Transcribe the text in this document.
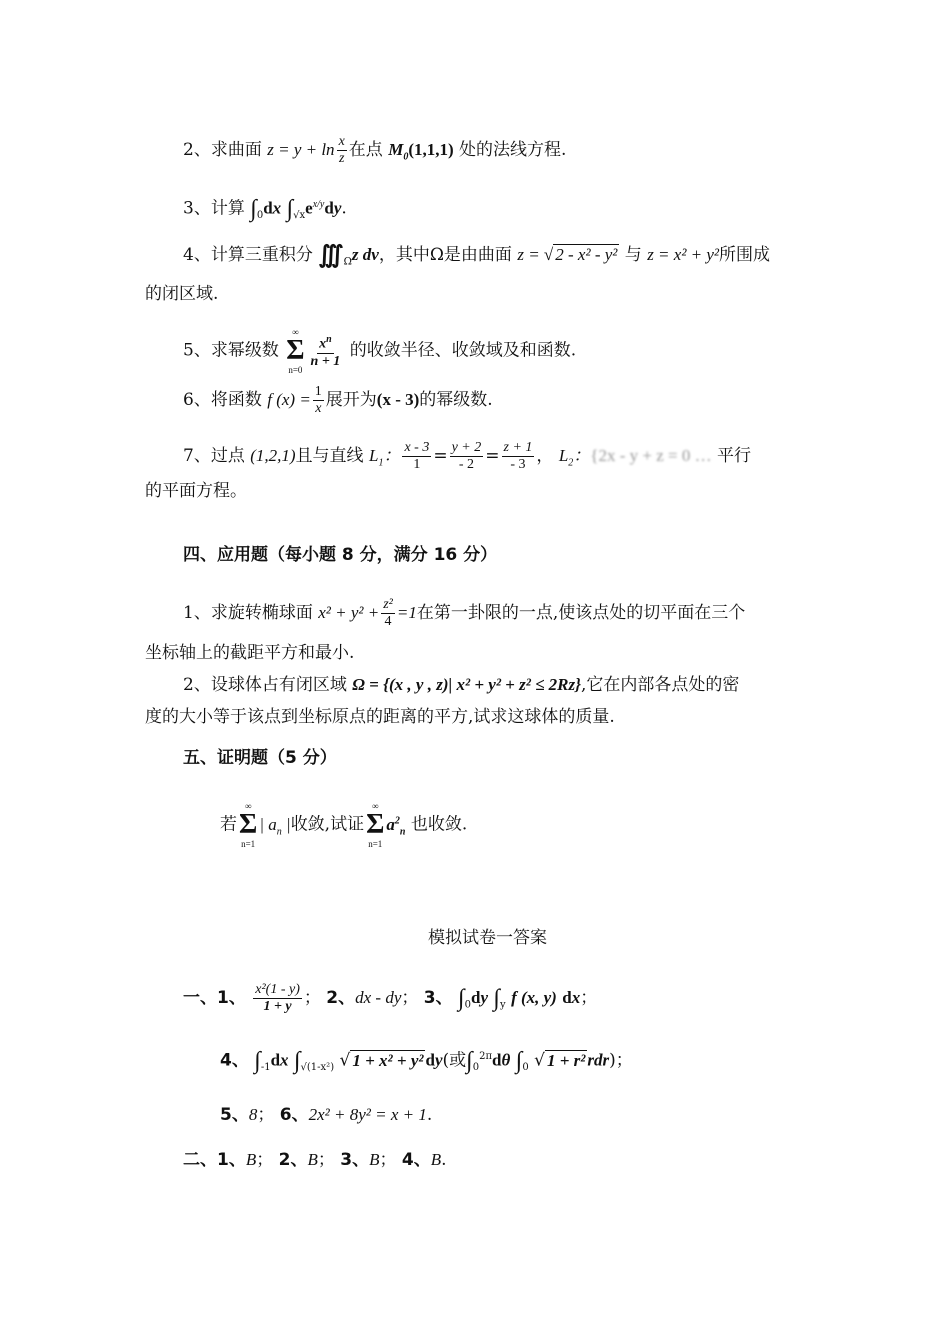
2、求曲面 $z = y + \ln \frac{x}{z}$ 在点 $M_0(1,1,1)$ 处的法线方程.
3、计算 $\int_0dx$ $\int_{√x}e^{x/y}dy$.
4、计算三重积分 $∭_\Omega z$ dv，其中Ω是由曲面 z = √ 2 - x² - y² 与 z = x² + y²所围成
的闭区域.
5、求幂级数
∞
Σ
n=0
$\frac{x^n}{n + 1}$ 的收敛半径、收敛域及和函数.
6、将函数 f $(x) = \frac{1}{x}$ 展开为(x - 3)的幂级数.
7、过点 (1,2,1)且与直线 $L_1$： $\frac{x - 3}{1} = \frac{y + 2}{- 2} = \frac{z + 1}{- 3}$ ， $L_2$：{2x - y + z = 0 … 平行
的平面方程。
四、应用题（每小题 8 分，满分 16 分）
1、求旋转椭球面 $x^2 + y^2 + \frac{\text{z²}}{4} =1$在第一卦限的一点,使该点处的切平面在三个
坐标轴上的截距平方和最小.
2、设球体占有闭区域 Ω = {(x , y , z)| x² + y² + z² ≤ 2Rz},它在内部各点处的密
度的大小等于该点到坐标原点的距离的平方,试求这球体的质量.
五、证明题（5 分）
若
∞
Σ
n=1
| $a_n$ |收敛,试证
∞
Σ
n=1
$a^2_n$ 也收敛.
模拟试卷一答案
一、1、 $\frac{\text{x²(1 - y)}}{1 + y}$ ； 2、dx - dy； 3、 $\int_0dy$ $\int_y$ f (x, y) dx；
4、 $\int_{-1}dx$ $\int_{√(1-x^2)}$ √ 1 + x² + y² dy(或$\int_0^{2\pi}d\theta$ $\int_0$ √ 1 + r² rdr)；
5、8； 6、2x² + 8y² = x + 1.
二、1、B； 2、B； 3、B； 4、B.
